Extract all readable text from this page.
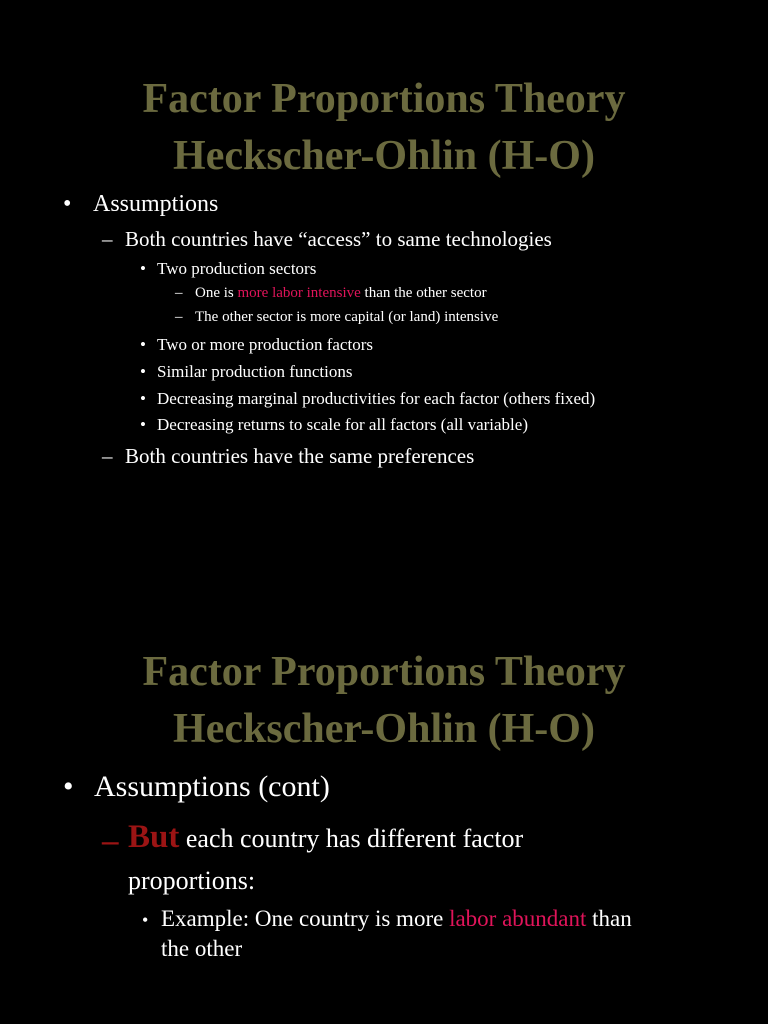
Factor Proportions Theory
Heckscher-Ohlin (H-O)
• Assumptions
– Both countries have “access” to same technologies
• Two production sectors
– One is more labor intensive than the other sector
– The other sector is more capital (or land) intensive
• Two or more production factors
• Similar production functions
• Decreasing marginal productivities for each factor (others fixed)
• Decreasing returns to scale for all factors (all variable)
– Both countries have the same preferences
Factor Proportions Theory
Heckscher-Ohlin (H-O)
• Assumptions (cont)
– But each country has different factor
proportions:
• Example: One country is more labor abundant than
the other
